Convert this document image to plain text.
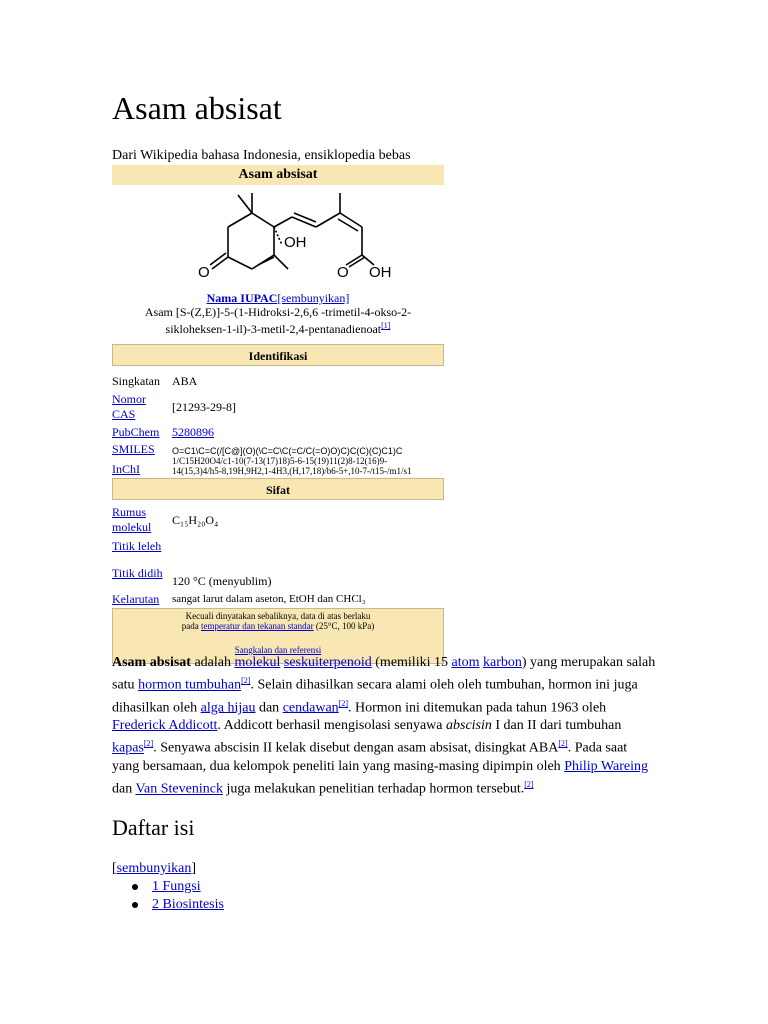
Asam absisat
Dari Wikipedia bahasa Indonesia, ensiklopedia bebas
Asam absisat
OH
O	O OH
Nama IUPAC[sembunyikan]
Asam [S-(Z,E)]-5-(1-Hidroksi-2,6,6 -trimetil-4-okso-2-
sikloheksen-1-il)-3-metil-2,4-pentanadienoat[1]
Identifikasi
Singkatan ABA
Nomor
CAS	[21293-29-8]
PubChem 5280896
SMILES O=C1\C=C(/[C@](O)(\C=C\C(=C/C(=O)O)C)C(C)(C)C1)C
InChI
1/C15H20O4/c1-10(7-13(17)18)5-6-15(19)11(2)8-12(16)9-
14(15,3)4/h5-8,19H,9H2,1-4H3,(H,17,18)/b6-5+,10-7-/t15-/m1/s1
Sifat
Rumus
molekul C₁₅H₂₀O₄
Titik leleh
Titik didih
120 °C (menyublim)
Kelarutan sangat larut dalam aseton, EtOH dan CHCl₃
Kecuali dinyatakan sebaliknya, data di atas berlaku
pada temperatur dan tekanan standar (25°C, 100 kPa)
Sangkalan dan referensi
Asam absisat adalah molekul seskuiterpenoid (memiliki 15 atom karbon) yang merupakan salah satu hormon tumbuhan[2]. Selain dihasilkan secara alami oleh oleh tumbuhan, hormon ini juga dihasilkan oleh alga hijau dan cendawan[2]. Hormon ini ditemukan pada tahun 1963 oleh Frederick Addicott. Addicott berhasil mengisolasi senyawa abscisin I dan II dari tumbuhan kapas[2]. Senyawa abscisin II kelak disebut dengan asam absisat, disingkat ABA[2]. Pada saat yang bersamaan, dua kelompok peneliti lain yang masing-masing dipimpin oleh Philip Wareing dan Van Steveninck juga melakukan penelitian terhadap hormon tersebut.[2]
Daftar isi
[sembunyikan]
1 Fungsi
2 Biosintesis
